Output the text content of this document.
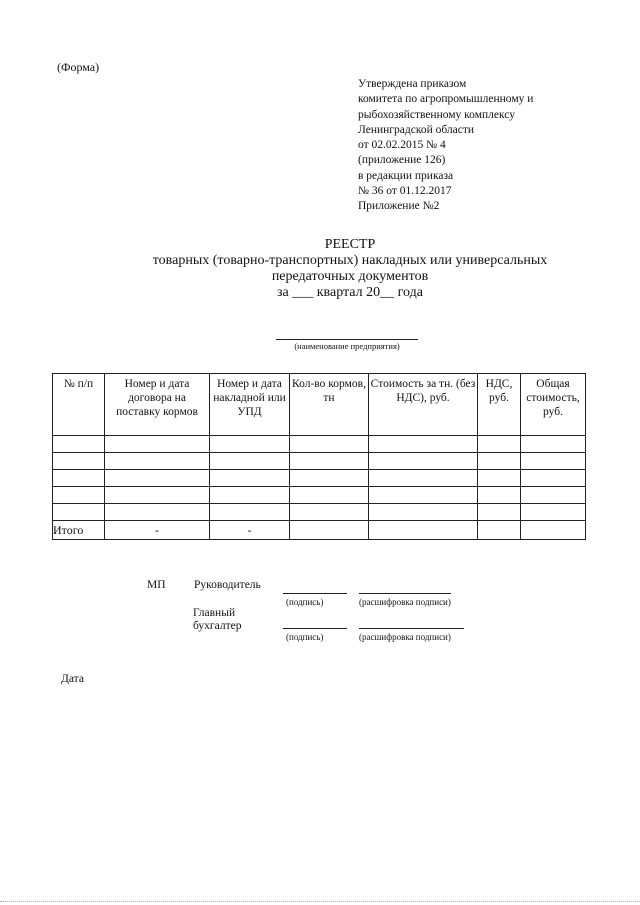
(Форма)
Утверждена приказом
комитета по агропромышленному и
рыбохозяйственному комплексу
Ленинградской области
от 02.02.2015 № 4
(приложение 126)
в редакции приказа
№ 36 от 01.12.2017
Приложение №2
РЕЕСТР
товарных (товарно-транспортных) накладных или универсальных
передаточных документов
за ___ квартал 20__ года
(наименование предприятия)
№ п/п	Номер и дата договора на поставку кормов	Номер и дата накладной или УПД	Кол-во кормов, тн	Стоимость за тн. (без НДС), руб.	НДС, руб.	Общая стоимость, руб.

Итого	-	-				
МП Руководитель
(подпись)	(расшифровка подписи)
Главный
бухгалтер
(подпись)	(расшифровка подписи)
Дата
